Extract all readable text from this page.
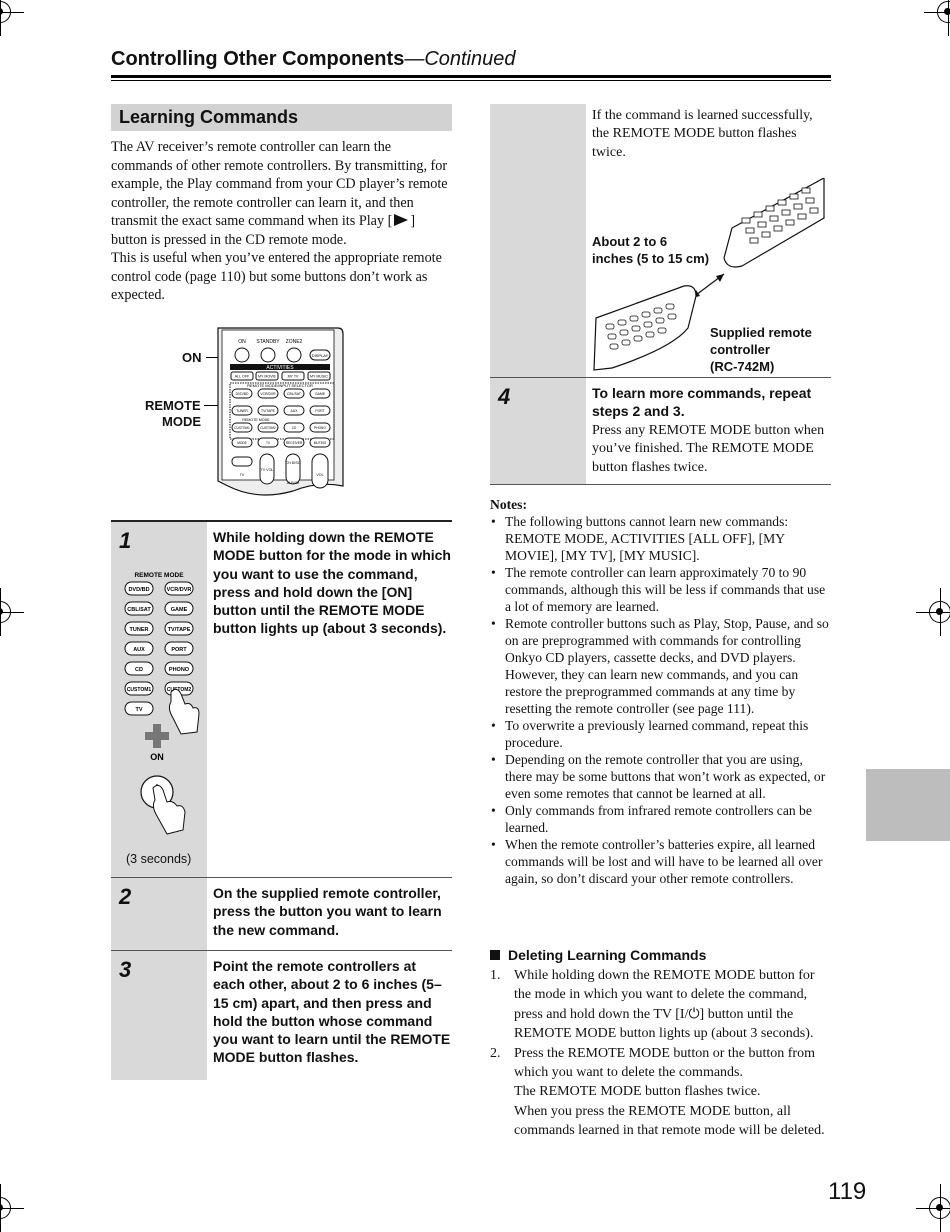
Controlling Other Components—Continued
Learning Commands

The AV receiver’s remote controller can learn the commands of other remote controllers. By transmitting, for example, the Play command from your CD player’s remote controller, the remote controller can learn it, and then transmit the exact same command when its Play [ ] button is pressed in the CD remote mode.

This is useful when you’ve entered the appropriate remote control code (page 110) but some buttons don’t work as expected.

ON
REMOTE
MODE
ON STANDBY ZONE2
DISPLAY
ACTIVITIES
ALL OFF MY MOVIE	MY TV	MY MUSIC
REMOTE MODE/INPUT SELECTOR
DVD/BD	VCR/DVR	CBL/SAT	GAME
TUNER	TV/TAPE	AUX	PORT
REMOTE MODE
CUSTOM1	CUSTOM2	CD	PHONO
MODE	TV	RECEIVER	MUTING
TV
TV VOL
CH DISC
ALBUM
VOL
1	While holding down the REMOTE MODE button for the mode in which you want to use the command, press and hold down the [ON] button until the REMOTE MODE button lights up (about 3 seconds).
REMOTE MODE
DVD/BD	VCR/DVR
CBL/SAT	GAME
TUNER	TV/TAPE
AUX	PORT
CD	PHONO
CUSTOM1	CUSTOM2
TV
ON
(3 seconds)
2	On the supplied remote controller, press the button you want to learn the new command.
3	Point the remote controllers at each other, about 2 to 6 inches (5–15 cm) apart, and then press and hold the button whose command you want to learn until the REMOTE MODE button flashes.
If the command is learned successfully, the REMOTE MODE button flashes twice.
About 2 to 6
inches (5 to 15 cm)
Supplied remote
controller
(RC-742M)
4	To learn more commands, repeat steps 2 and 3.
Press any REMOTE MODE button when you’ve finished. The REMOTE MODE button flashes twice.
Notes:
• The following buttons cannot learn new commands: REMOTE MODE, ACTIVITIES [ALL OFF], [MY MOVIE], [MY TV], [MY MUSIC].
• The remote controller can learn approximately 70 to 90 commands, although this will be less if commands that use a lot of memory are learned.
• Remote controller buttons such as Play, Stop, Pause, and so on are preprogrammed with commands for controlling Onkyo CD players, cassette decks, and DVD players. However, they can learn new commands, and you can restore the preprogrammed commands at any time by resetting the remote controller (see page 111).
• To overwrite a previously learned command, repeat this procedure.
• Depending on the remote controller that you are using, there may be some buttons that won’t work as expected, or even some remotes that cannot be learned at all.
• Only commands from infrared remote controllers can be learned.
• When the remote controller’s batteries expire, all learned commands will be lost and will have to be learned all over again, so don’t discard your other remote controllers.
Deleting Learning Commands
1. While holding down the REMOTE MODE button for the mode in which you want to delete the command, press and hold down the TV [I/⏻] button until the REMOTE MODE button lights up (about 3 seconds).
2. Press the REMOTE MODE button or the button from which you want to delete the commands.
The REMOTE MODE button flashes twice.
When you press the REMOTE MODE button, all commands learned in that remote mode will be deleted.
119
